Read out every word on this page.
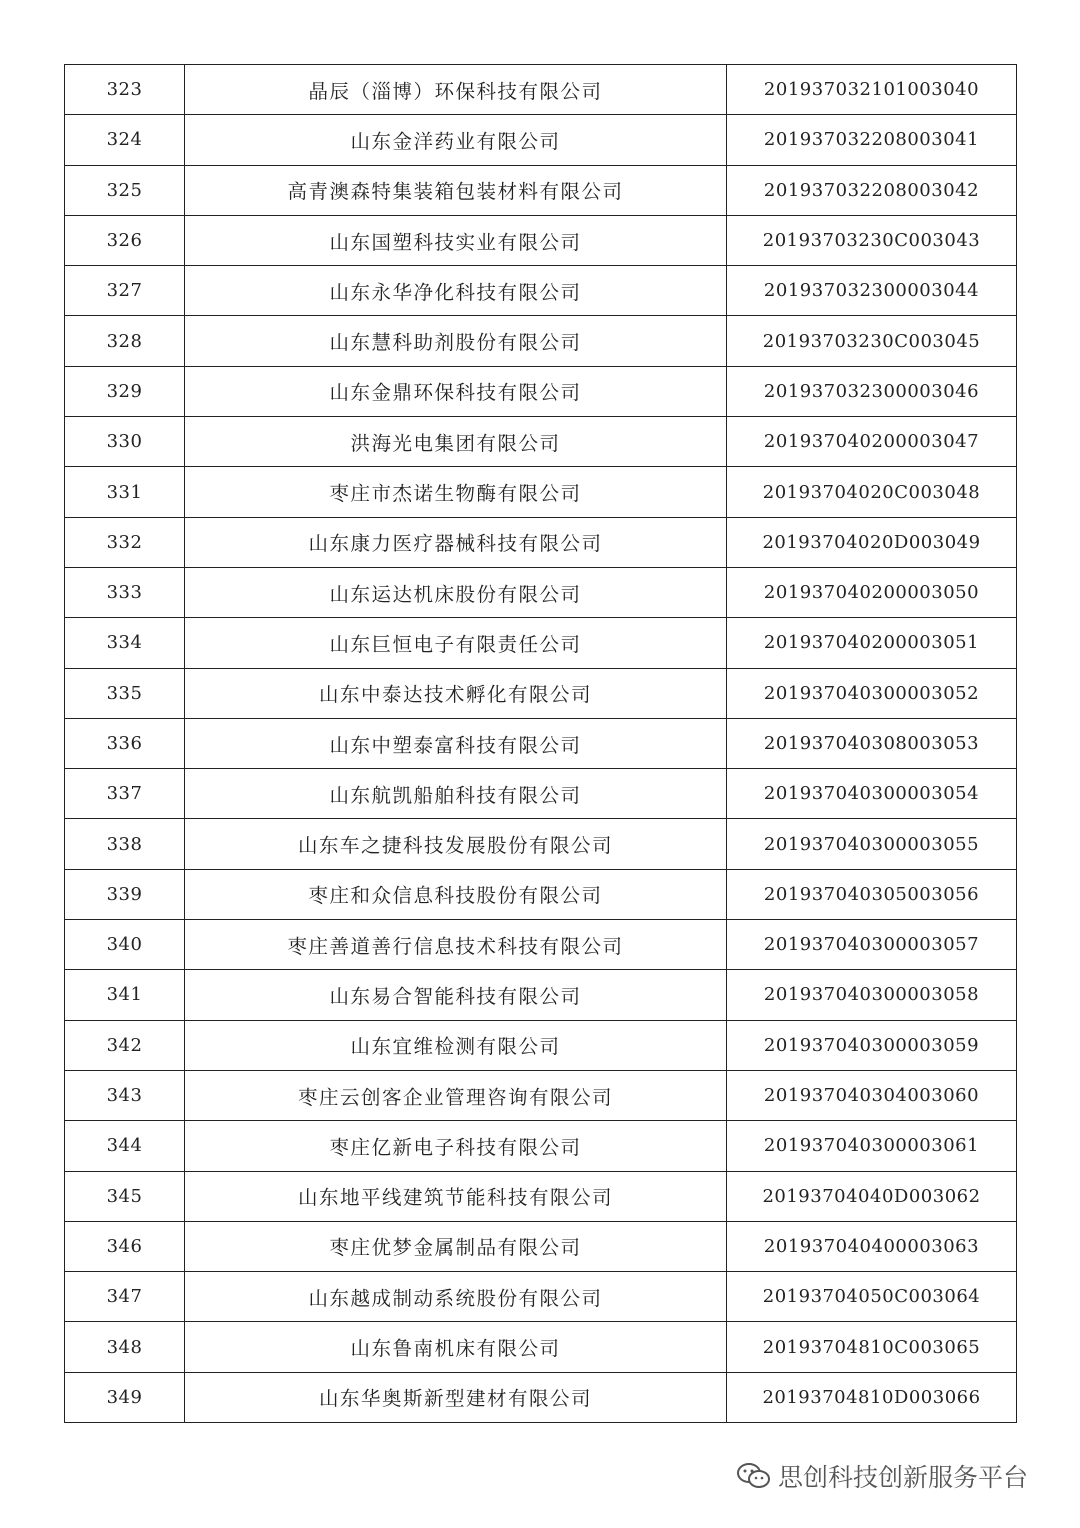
323	晶辰（淄博）环保科技有限公司	201937032101003040
324	山东金洋药业有限公司	201937032208003041
325	高青澳森特集装箱包装材料有限公司	201937032208003042
326	山东国塑科技实业有限公司	20193703230C003043
327	山东永华净化科技有限公司	201937032300003044
328	山东慧科助剂股份有限公司	20193703230C003045
329	山东金鼎环保科技有限公司	201937032300003046
330	洪海光电集团有限公司	201937040200003047
331	枣庄市杰诺生物酶有限公司	20193704020C003048
332	山东康力医疗器械科技有限公司	20193704020D003049
333	山东运达机床股份有限公司	201937040200003050
334	山东巨恒电子有限责任公司	201937040200003051
335	山东中泰达技术孵化有限公司	201937040300003052
336	山东中塑泰富科技有限公司	201937040308003053
337	山东航凯船舶科技有限公司	201937040300003054
338	山东车之捷科技发展股份有限公司	201937040300003055
339	枣庄和众信息科技股份有限公司	201937040305003056
340	枣庄善道善行信息技术科技有限公司	201937040300003057
341	山东易合智能科技有限公司	201937040300003058
342	山东宜维检测有限公司	201937040300003059
343	枣庄云创客企业管理咨询有限公司	201937040304003060
344	枣庄亿新电子科技有限公司	201937040300003061
345	山东地平线建筑节能科技有限公司	20193704040D003062
346	枣庄优梦金属制品有限公司	201937040400003063
347	山东越成制动系统股份有限公司	20193704050C003064
348	山东鲁南机床有限公司	20193704810C003065
349	山东华奥斯新型建材有限公司	20193704810D003066
思创科技创新服务平台
